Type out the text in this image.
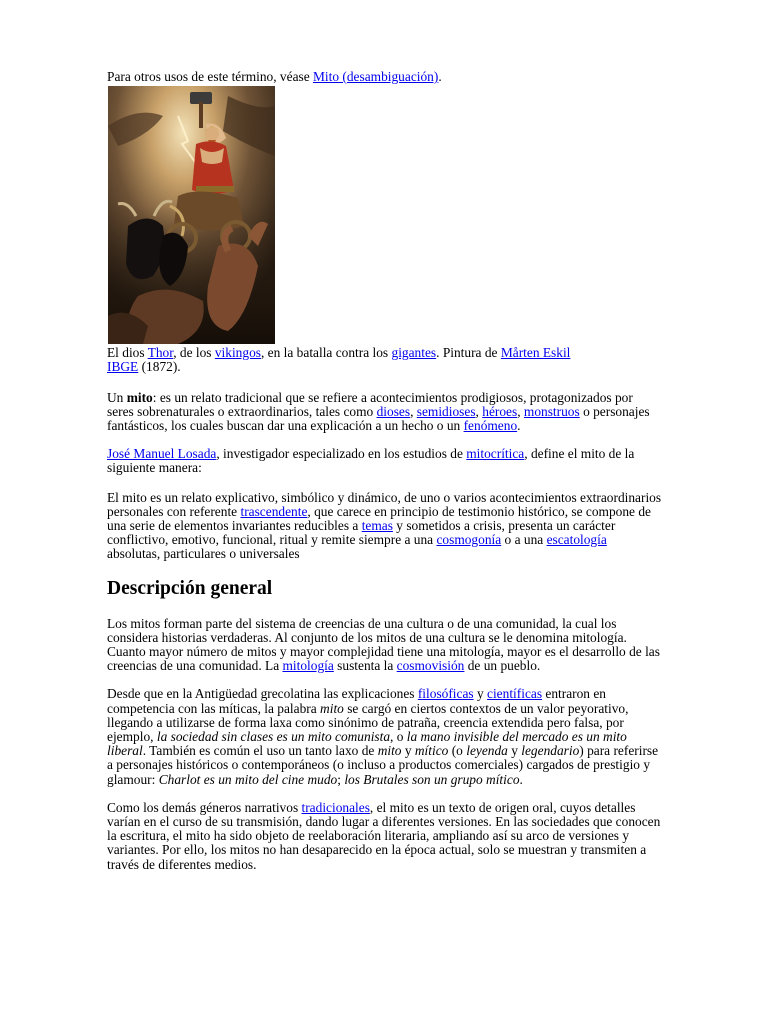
Para otros usos de este término, véase Mito (desambiguación).

El dios Thor, de los vikingos, en la batalla contra los gigantes. Pintura de Mårten Eskil
IBGE (1872).

Un mito: es un relato tradicional que se refiere a acontecimientos prodigiosos, protagonizados por seres sobrenaturales o extraordinarios, tales como dioses, semidioses, héroes, monstruos o personajes fantásticos, los cuales buscan dar una explicación a un hecho o un fenómeno.

José Manuel Losada, investigador especializado en los estudios de mitocrítica, define el mito de la siguiente manera:

El mito es un relato explicativo, simbólico y dinámico, de uno o varios acontecimientos extraordinarios personales con referente trascendente, que carece en principio de testimonio histórico, se compone de una serie de elementos invariantes reducibles a temas y sometidos a crisis, presenta un carácter conflictivo, emotivo, funcional, ritual y remite siempre a una cosmogonía o a una escatología absolutas, particulares o universales

Descripción general

Los mitos forman parte del sistema de creencias de una cultura o de una comunidad, la cual los considera historias verdaderas. Al conjunto de los mitos de una cultura se le denomina mitología. Cuanto mayor número de mitos y mayor complejidad tiene una mitología, mayor es el desarrollo de las creencias de una comunidad. La mitología sustenta la cosmovisión de un pueblo.

Desde que en la Antigüedad grecolatina las explicaciones filosóficas y científicas entraron en competencia con las míticas, la palabra mito se cargó en ciertos contextos de un valor peyorativo, llegando a utilizarse de forma laxa como sinónimo de patraña, creencia extendida pero falsa, por ejemplo, la sociedad sin clases es un mito comunista, o la mano invisible del mercado es un mito liberal. También es común el uso un tanto laxo de mito y mítico (o leyenda y legendario) para referirse a personajes históricos o contemporáneos (o incluso a productos comerciales) cargados de prestigio y glamour: Charlot es un mito del cine mudo; los Brutales son un grupo mítico.

Como los demás géneros narrativos tradicionales, el mito es un texto de origen oral, cuyos detalles varían en el curso de su transmisión, dando lugar a diferentes versiones. En las sociedades que conocen la escritura, el mito ha sido objeto de reelaboración literaria, ampliando así su arco de versiones y variantes. Por ello, los mitos no han desaparecido en la época actual, solo se muestran y transmiten a través de diferentes medios.
